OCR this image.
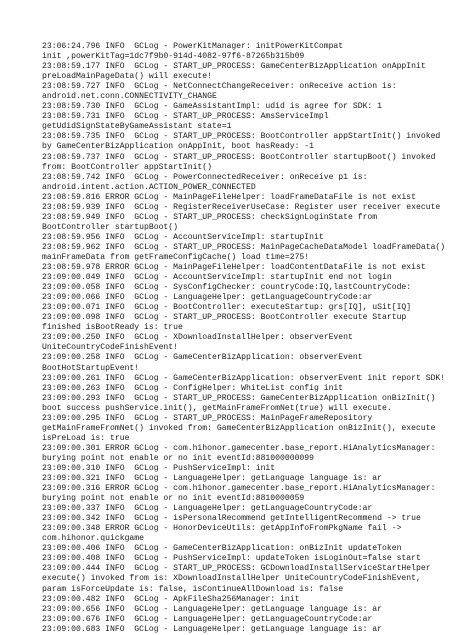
23:06:24.796 INFO  GCLog - PowerKitManager: initPowerKitCompat
init ,powerKitTag=1dc7f9b0-914d-4082-97f6-87265b315b09
23:08:59.177 INFO  GCLog - START_UP_PROCESS: GameCenterBizApplication onAppInit
preLoadMainPageData() will execute!
23:08:59.727 INFO  GCLog - NetConnectChangeReceiver: onReceive action is:
android.net.conn.CONNECTIVITY_CHANGE
23:08:59.730 INFO  GCLog - GameAssistantImpl: udid is agree for SDK: 1
23:08:59.731 INFO  GCLog - START_UP_PROCESS: AmsServiceImpl
getUdidSignStateByGameAssistant state=1
23:08:59.735 INFO  GCLog - START_UP_PROCESS: BootController appStartInit() invoked
by GameCenterBizApplication onAppInit, boot hasReady: -1
23:08:59.737 INFO  GCLog - START_UP_PROCESS: BootController startupBoot() invoked
from: BootController appStartInit()
23:08:59.742 INFO  GCLog - PowerConnectedReceiver: onReceive p1 is:
android.intent.action.ACTION_POWER_CONNECTED
23:08:59.816 ERROR GCLog - MainPageFileHelper: loadFrameDataFile is not exist
23:08:59.939 INFO  GCLog - RegisterReceiverUseCase: Register user receiver execute
23:08:59.949 INFO  GCLog - START_UP_PROCESS: checkSignLoginState from
BootController startupBoot()
23:08:59.956 INFO  GCLog - AccountServiceImpl: startupInit
23:08:59.962 INFO  GCLog - START_UP_PROCESS: MainPageCacheDataModel loadFrameData()
mainFrameData from getFrameConfigCache() load time=275!
23:08:59.978 ERROR GCLog - MainPageFileHelper: loadContentDataFile is not exist
23:09:00.049 INFO  GCLog - AccountServiceImpl: startupInit end not login
23:09:00.058 INFO  GCLog - SysConfigChecker: countryCode:IQ,lastCountryCode:
23:09:00.066 INFO  GCLog - LanguageHelper: getLanguageCountryCode:ar
23:09:00.071 INFO  GCLog - BootController: executeStartup: grs[IQ], uSit[IQ]
23:09:00.098 INFO  GCLog - START_UP_PROCESS: BootController execute Startup
finished isBootReady is: true
23:09:00.250 INFO  GCLog - XDownloadInstallHelper: observerEvent
UniteCountryCodeFinishEvent!
23:09:00.258 INFO  GCLog - GameCenterBizApplication: observerEvent
BootHotStartupEvent!
23:09:00.261 INFO  GCLog - GameCenterBizApplication: observerEvent init report SDK!
23:09:00.263 INFO  GCLog - ConfigHelper: WhiteList config init
23:09:00.293 INFO  GCLog - START_UP_PROCESS: GameCenterBizApplication onBizInit()
boot success pushService.init(), getMainFrameFromNet(true) will execute.
23:09:00.295 INFO  GCLog - START_UP_PROCESS: MainPageFrameRepository
getMainFrameFromNet() invoked from: GameCenterBizApplication onBizInit(), execute
isPreLoad is: true
23:09:00.301 ERROR GCLog - com.hihonor.gamecenter.base_report.HiAnalyticsManager:
burying point not enable or no init eventId:881000000099
23:09:00.310 INFO  GCLog - PushServiceImpl: init
23:09:00.321 INFO  GCLog - LanguageHelper: getLanguage language is: ar
23:09:00.316 ERROR GCLog - com.hihonor.gamecenter.base_report.HiAnalyticsManager:
burying point not enable or no init eventId:8810000059
23:09:00.337 INFO  GCLog - LanguageHelper: getLanguageCountryCode:ar
23:09:00.342 INFO  GCLog - isPersonalRecommend getIntelligentRecommend -> true
23:09:00.348 ERROR GCLog - HonorDeviceUtils: getAppInfoFromPkgName fail ->
com.hihonor.quickgame
23:09:00.406 INFO  GCLog - GameCenterBizApplication: onBizInit updateToken
23:09:00.408 INFO  GCLog - PushServiceImpl: updateToken isLoginOut=false start
23:09:00.444 INFO  GCLog - START_UP_PROCESS: GCDownloadInstallServiceStartHelper
execute() invoked from is: XDownloadInstallHelper UniteCountryCodeFinishEvent,
param isForceUpdate is: false, isContinueAllDownload is: false
23:09:00.482 INFO  GCLog - ApkFileSha256Manager: init
23:09:00.656 INFO  GCLog - LanguageHelper: getLanguage language is: ar
23:09:00.676 INFO  GCLog - LanguageHelper: getLanguageCountryCode:ar
23:09:00.683 INFO  GCLog - LanguageHelper: getLanguage language is: ar
